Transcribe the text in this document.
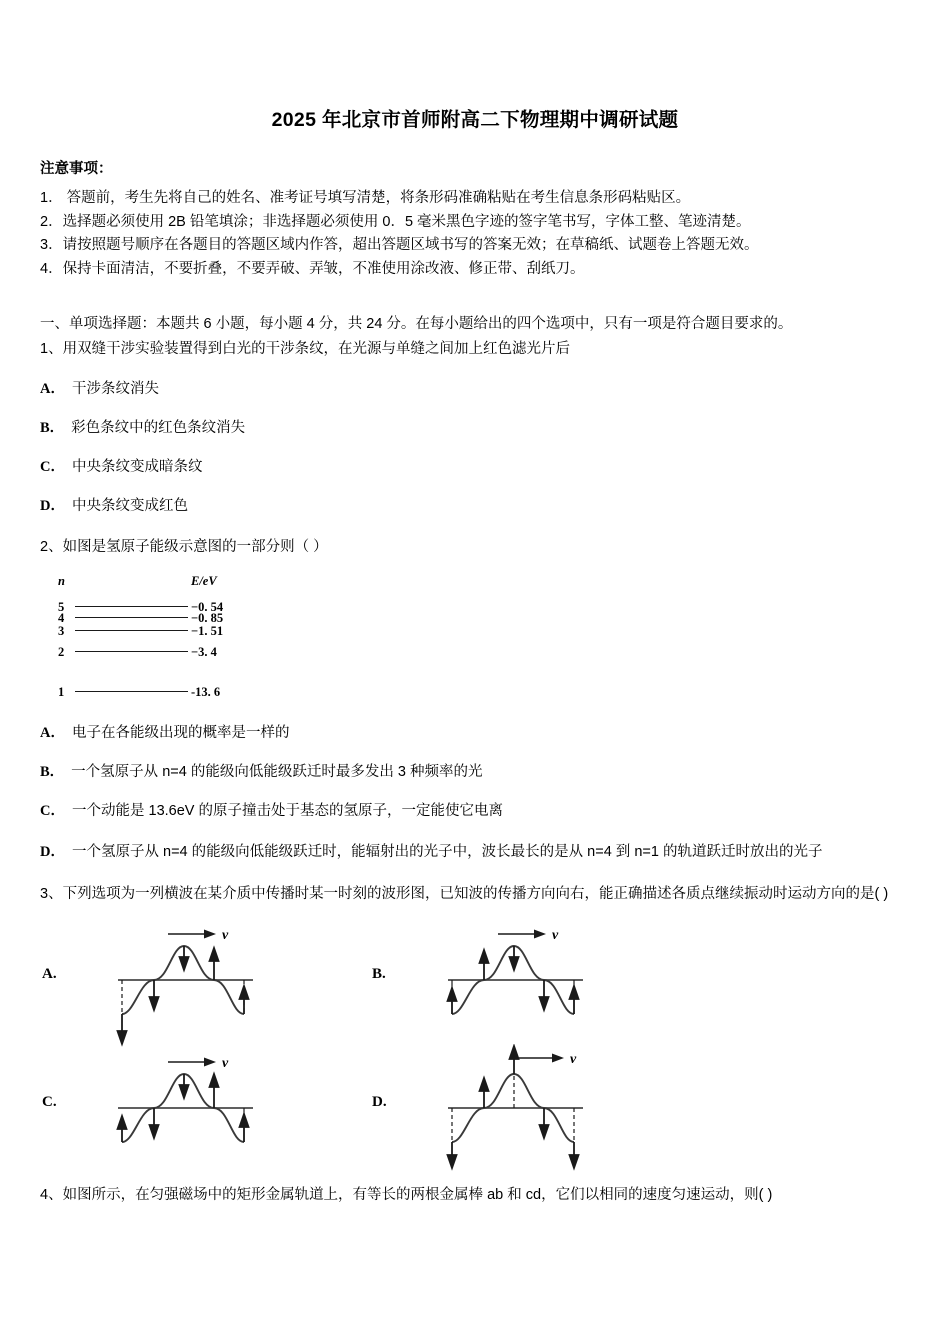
2025 年北京市首师附高二下物理期中调研试题
注意事项：

1． 答题前，考生先将自己的姓名、准考证号填写清楚，将条形码准确粘贴在考生信息条形码粘贴区。

2．选择题必须使用 2B 铅笔填涂；非选择题必须使用 0．5 毫米黑色字迹的签字笔书写，字体工整、笔迹清楚。

3．请按照题号顺序在各题目的答题区域内作答，超出答题区域书写的答案无效；在草稿纸、试题卷上答题无效。

4．保持卡面清洁，不要折叠，不要弄破、弄皱，不准使用涂改液、修正带、刮纸刀。

一、单项选择题：本题共 6 小题，每小题 4 分，共 24 分。在每小题给出的四个选项中，只有一项是符合题目要求的。

1、用双缝干涉实验装置得到白光的干涉条纹，在光源与单缝之间加上红色滤光片后

A． 干涉条纹消失

B． 彩色条纹中的红色条纹消失

C． 中央条纹变成暗条纹

D． 中央条纹变成红色

2、如图是氢原子能级示意图的一部分则（ ）

n	E/eV
5	−0. 54
4	−0. 85
3	−1. 51
2	−3. 4
1	-13. 6

A． 电子在各能级出现的概率是一样的

B． 一个氢原子从 n=4 的能级向低能级跃迁时最多发出 3 种频率的光

C． 一个动能是 13.6eV 的原子撞击处于基态的氢原子，一定能使它电离

D． 一个氢原子从 n=4 的能级向低能级跃迁时，能辐射出的光子中，波长最长的是从 n=4 到 n=1 的轨道跃迁时放出的光子

3、下列选项为一列横波在某介质中传播时某一时刻的波形图，已知波的传播方向向右，能正确描述各质点继续振动时运动方向的是( )

A.
v
B.
v
C.
v
D.
v

4、如图所示，在匀强磁场中的矩形金属轨道上，有等长的两根金属棒 ab 和 cd，它们以相同的速度匀速运动，则( )
